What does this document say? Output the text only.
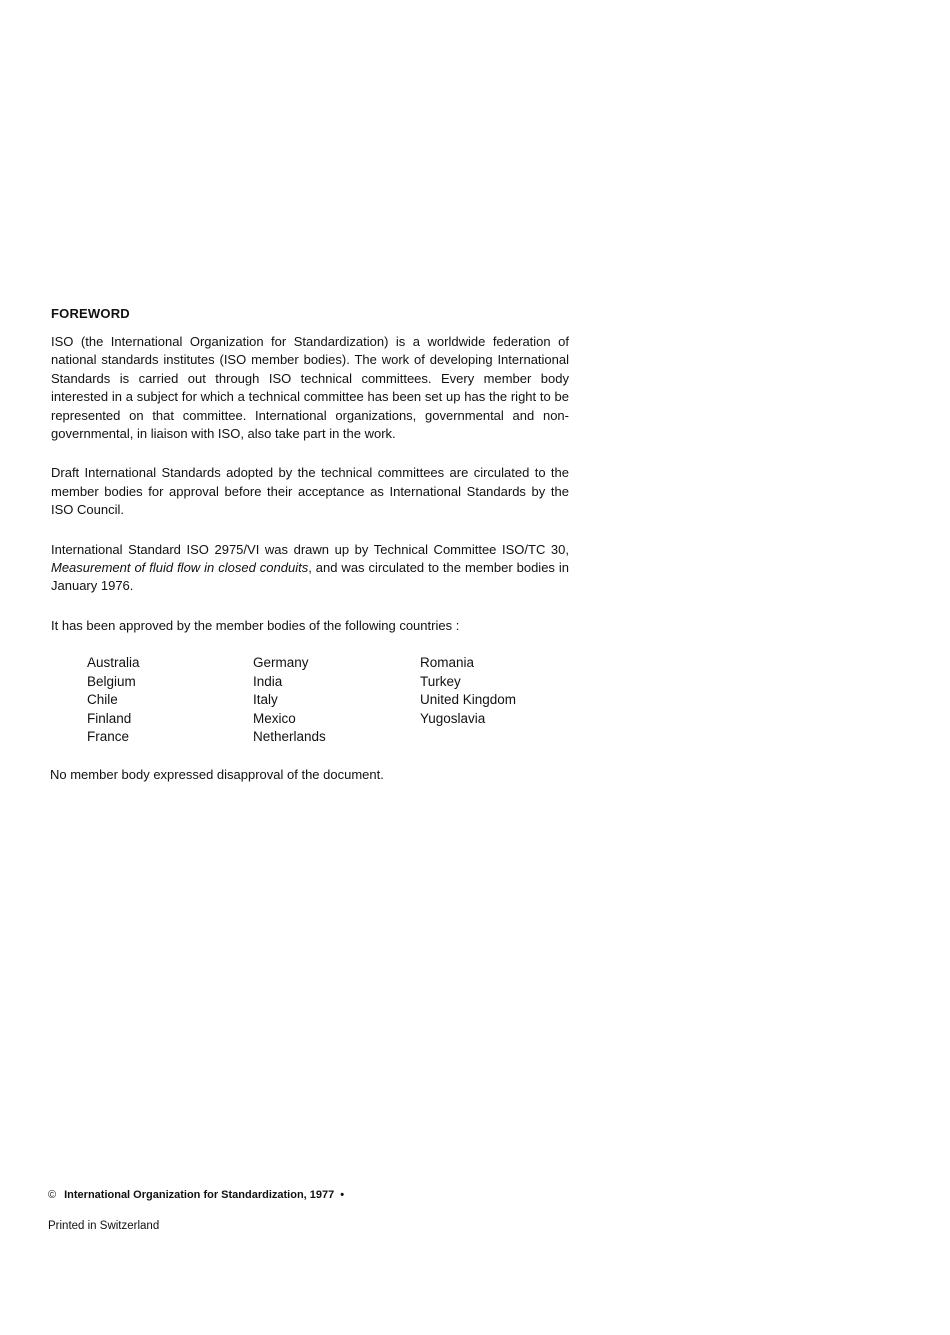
FOREWORD

ISO (the International Organization for Standardization) is a worldwide federation of national standards institutes (ISO member bodies). The work of developing International Standards is carried out through ISO technical committees. Every member body interested in a subject for which a technical committee has been set up has the right to be represented on that committee. International organizations, governmental and non-governmental, in liaison with ISO, also take part in the work.

Draft International Standards adopted by the technical committees are circulated to the member bodies for approval before their acceptance as International Standards by the ISO Council.

International Standard ISO 2975/VI was drawn up by Technical Committee ISO/TC 30, Measurement of fluid flow in closed conduits, and was circulated to the member bodies in January 1976.

It has been approved by the member bodies of the following countries :

Australia
Belgium
Chile
Finland
France
Germany
India
Italy
Mexico
Netherlands
Romania
Turkey
United Kingdom
Yugoslavia

No member body expressed disapproval of the document.

© International Organization for Standardization, 1977 •
Printed in Switzerland
